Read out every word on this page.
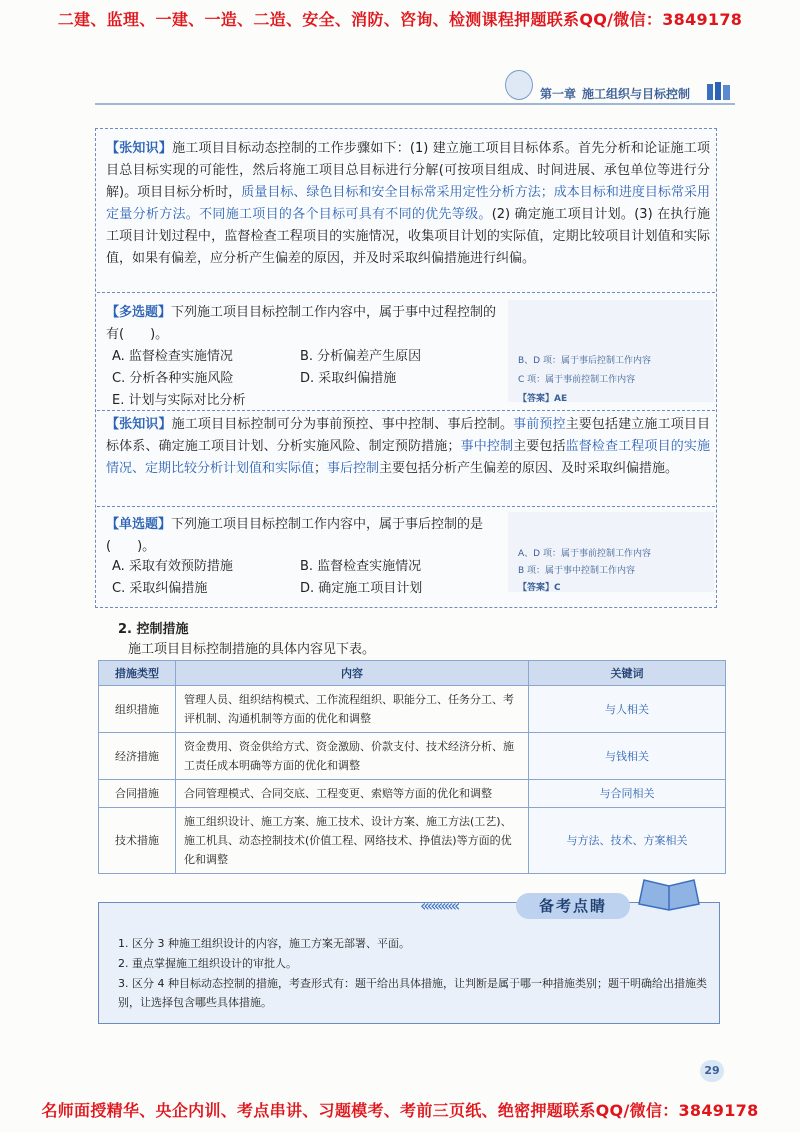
二建、监理、一建、一造、二造、安全、消防、咨询、检测课程押题联系QQ/微信：3849178
第一章 施工组织与目标控制
【张知识】施工项目目标动态控制的工作步骤如下：(1) 建立施工项目目标体系。首先分析和论证施工项目总目标实现的可能性，然后将施工项目总目标进行分解(可按项目组成、时间进展、承包单位等进行分解)。项目目标分析时，质量目标、绿色目标和安全目标常采用定性分析方法；成本目标和进度目标常采用定量分析方法。不同施工项目的各个目标可具有不同的优先等级。(2) 确定施工项目计划。(3) 在执行施工项目计划过程中，监督检查工程项目的实施情况，收集项目计划的实际值，定期比较项目计划值和实际值，如果有偏差，应分析产生偏差的原因，并及时采取纠偏措施进行纠偏。
【多选题】下列施工项目目标控制工作内容中，属于事中过程控制的有(　　)。
A. 监督检查实施情况	B. 分析偏差产生原因
C. 分析各种实施风险	D. 采取纠偏措施
E. 计划与实际对比分析
B、D 项：属于事后控制工作内容
C 项：属于事前控制工作内容
【答案】AE
【张知识】施工项目目标控制可分为事前预控、事中控制、事后控制。事前预控主要包括建立施工项目目标体系、确定施工项目计划、分析实施风险、制定预防措施；事中控制主要包括监督检查工程项目的实施情况、定期比较分析计划值和实际值；事后控制主要包括分析产生偏差的原因、及时采取纠偏措施。
【单选题】下列施工项目目标控制工作内容中，属于事后控制的是(　　)。
A. 采取有效预防措施	B. 监督检查实施情况
C. 采取纠偏措施	D. 确定施工项目计划
A、D 项：属于事前控制工作内容
B 项：属于事中控制工作内容
【答案】C
2. 控制措施
施工项目目标控制措施的具体内容见下表。
措施类型	内容	关键词
组织措施	管理人员、组织结构模式、工作流程组织、职能分工、任务分工、考评机制、沟通机制等方面的优化和调整	与人相关
经济措施	资金费用、资金供给方式、资金激励、价款支付、技术经济分析、施工责任成本明确等方面的优化和调整	与钱相关
合同措施	合同管理模式、合同交底、工程变更、索赔等方面的优化和调整	与合同相关
技术措施	施工组织设计、施工方案、施工技术、设计方案、施工方法(工艺)、施工机具、动态控制技术(价值工程、网络技术、挣值法)等方面的优化和调整	与方法、技术、方案相关
‹‹‹‹‹‹‹‹‹‹‹	备考点睛
1. 区分 3 种施工组织设计的内容，施工方案无部署、平面。
2. 重点掌握施工组织设计的审批人。
3. 区分 4 种目标动态控制的措施，考查形式有：题干给出具体措施，让判断是属于哪一种措施类别；题干明确给出措施类别，让选择包含哪些具体措施。
29
名师面授精华、央企内训、考点串讲、习题模考、考前三页纸、绝密押题联系QQ/微信：3849178
